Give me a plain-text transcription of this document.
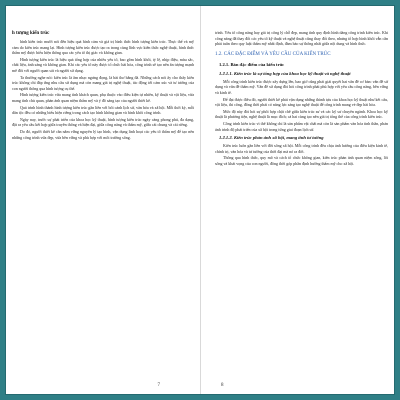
h tượng kiến trúc

hình kiến trúc mười nói đến hiệu quả hình cảm và giá trị hình thức hình tượng kiến trúc. Thực thể và mỹ cảm do kiến trúc mang lại. Hình tượng kiến trúc được tạo ra trong cùng lĩnh vực kiến thức nghệ thuật, hình thức thẩm mỹ được biểu hiện thông qua các yếu tố thị giác và không gian.

Hình tượng kiến trúc là hiệu quả tổng hợp của nhiều yếu tố, bao gồm hình khối, tỷ lệ, nhịp điệu, màu sắc, chất liệu, ánh sáng và không gian. Khi các yếu tố này được tổ chức hài hòa, công trình sẽ tạo nên ấn tượng mạnh mẽ đối với người quan sát và người sử dụng.

Ta thường nghe nói: kiến trúc là âm nhạc ngưng đọng, là bài thơ bằng đá. Những cách nói ấy cho thấy kiến trúc không chỉ đáp ứng nhu cầu sử dụng mà còn mang giá trị nghệ thuật, tác động tới cảm xúc và tư tưởng của con người thông qua hình tượng cụ thể.

Hình tượng kiến trúc vừa mang tính khách quan, phụ thuộc vào điều kiện tự nhiên, kỹ thuật và vật liệu, vừa mang tính chủ quan, phản ánh quan niệm thẩm mỹ và ý đồ sáng tạo của người thiết kế.

Quá trình hình thành hình tượng kiến trúc gắn liền với bối cảnh lịch sử, văn hóa và xã hội. Mỗi thời kỳ, mỗi dân tộc đều có những biểu hiện riêng trong cách tạo hình không gian và hình khối công trình.

Ngày nay, trước sự phát triển của khoa học kỹ thuật, hình tượng kiến trúc ngày càng phong phú, đa dạng, đặt ra yêu cầu kết hợp giữa truyền thống và hiện đại, giữa công năng và thẩm mỹ, giữa cái chung và cái riêng.

Do đó, người thiết kế cần nắm vững nguyên lý tạo hình, vận dụng linh hoạt các yếu tố thẩm mỹ để tạo nên những công trình vừa đẹp, vừa bền vững và phù hợp với môi trường sống.

7

trình. Yếu tố công năng hay giá trị công lý chỗ đẹp, mang tính quy định hình dáng công trình kiến trúc. Khi công năng đã thay đổi các yếu tố kỹ thuật và nghệ thuật cũng thay đổi theo, nhưng tổ hợp hình khối vẫn cần phải tuân theo quy luật thẩm mỹ nhất định, đảm bảo sự thống nhất giữa nội dung và hình thức.

1.2. CÁC ĐẶC ĐIỂM VÀ YÊU CẦU CỦA KIẾN TRÚC
1.2.1. Bản đặc điểm của kiến trúc
1.2.1.1. Kiến trúc là sự tổng hợp của khoa học kỹ thuật và nghệ thuật

Mỗi công trình kiến trúc được xây dựng lên, bao giờ cũng phải giải quyết hai vấn đề cơ bản: vấn đề sử dụng và vấn đề thẩm mỹ. Vấn đề sử dụng đòi hỏi công trình phải phù hợp với yêu cầu công năng, bền vững và kinh tế.

Để đạt được điều đó, người thiết kế phải vận dụng những thành tựu của khoa học kỹ thuật như kết cấu, vật liệu, thi công, đồng thời phải có năng lực sáng tạo nghệ thuật để công trình mang vẻ đẹp hài hòa.

Mức độ này đòi hỏi sự phối hợp chặt chẽ giữa kiến trúc sư và các kỹ sư chuyên ngành. Khoa học kỹ thuật là phương tiện, nghệ thuật là mục đích; cả hai cùng tạo nên giá trị tổng thể của công trình kiến trúc.

Công trình kiến trúc vì thế không chỉ là sản phẩm vật chất mà còn là sản phẩm văn hóa tinh thần, phản ánh trình độ phát triển của xã hội trong từng giai đoạn lịch sử.

1.2.1.2. Kiến trúc phản ánh xã hội, mang tính tư tưởng

Kiến trúc luôn gắn liền với đời sống xã hội. Mỗi công trình đều chịu ảnh hưởng của điều kiện kinh tế, chính trị, văn hóa và tư tưởng của thời đại mà nó ra đời.

Thông qua hình thức, quy mô và cách tổ chức không gian, kiến trúc phản ánh quan niệm sống, lối sống và khát vọng của con người, đồng thời góp phần định hướng thẩm mỹ cho xã hội.

8
